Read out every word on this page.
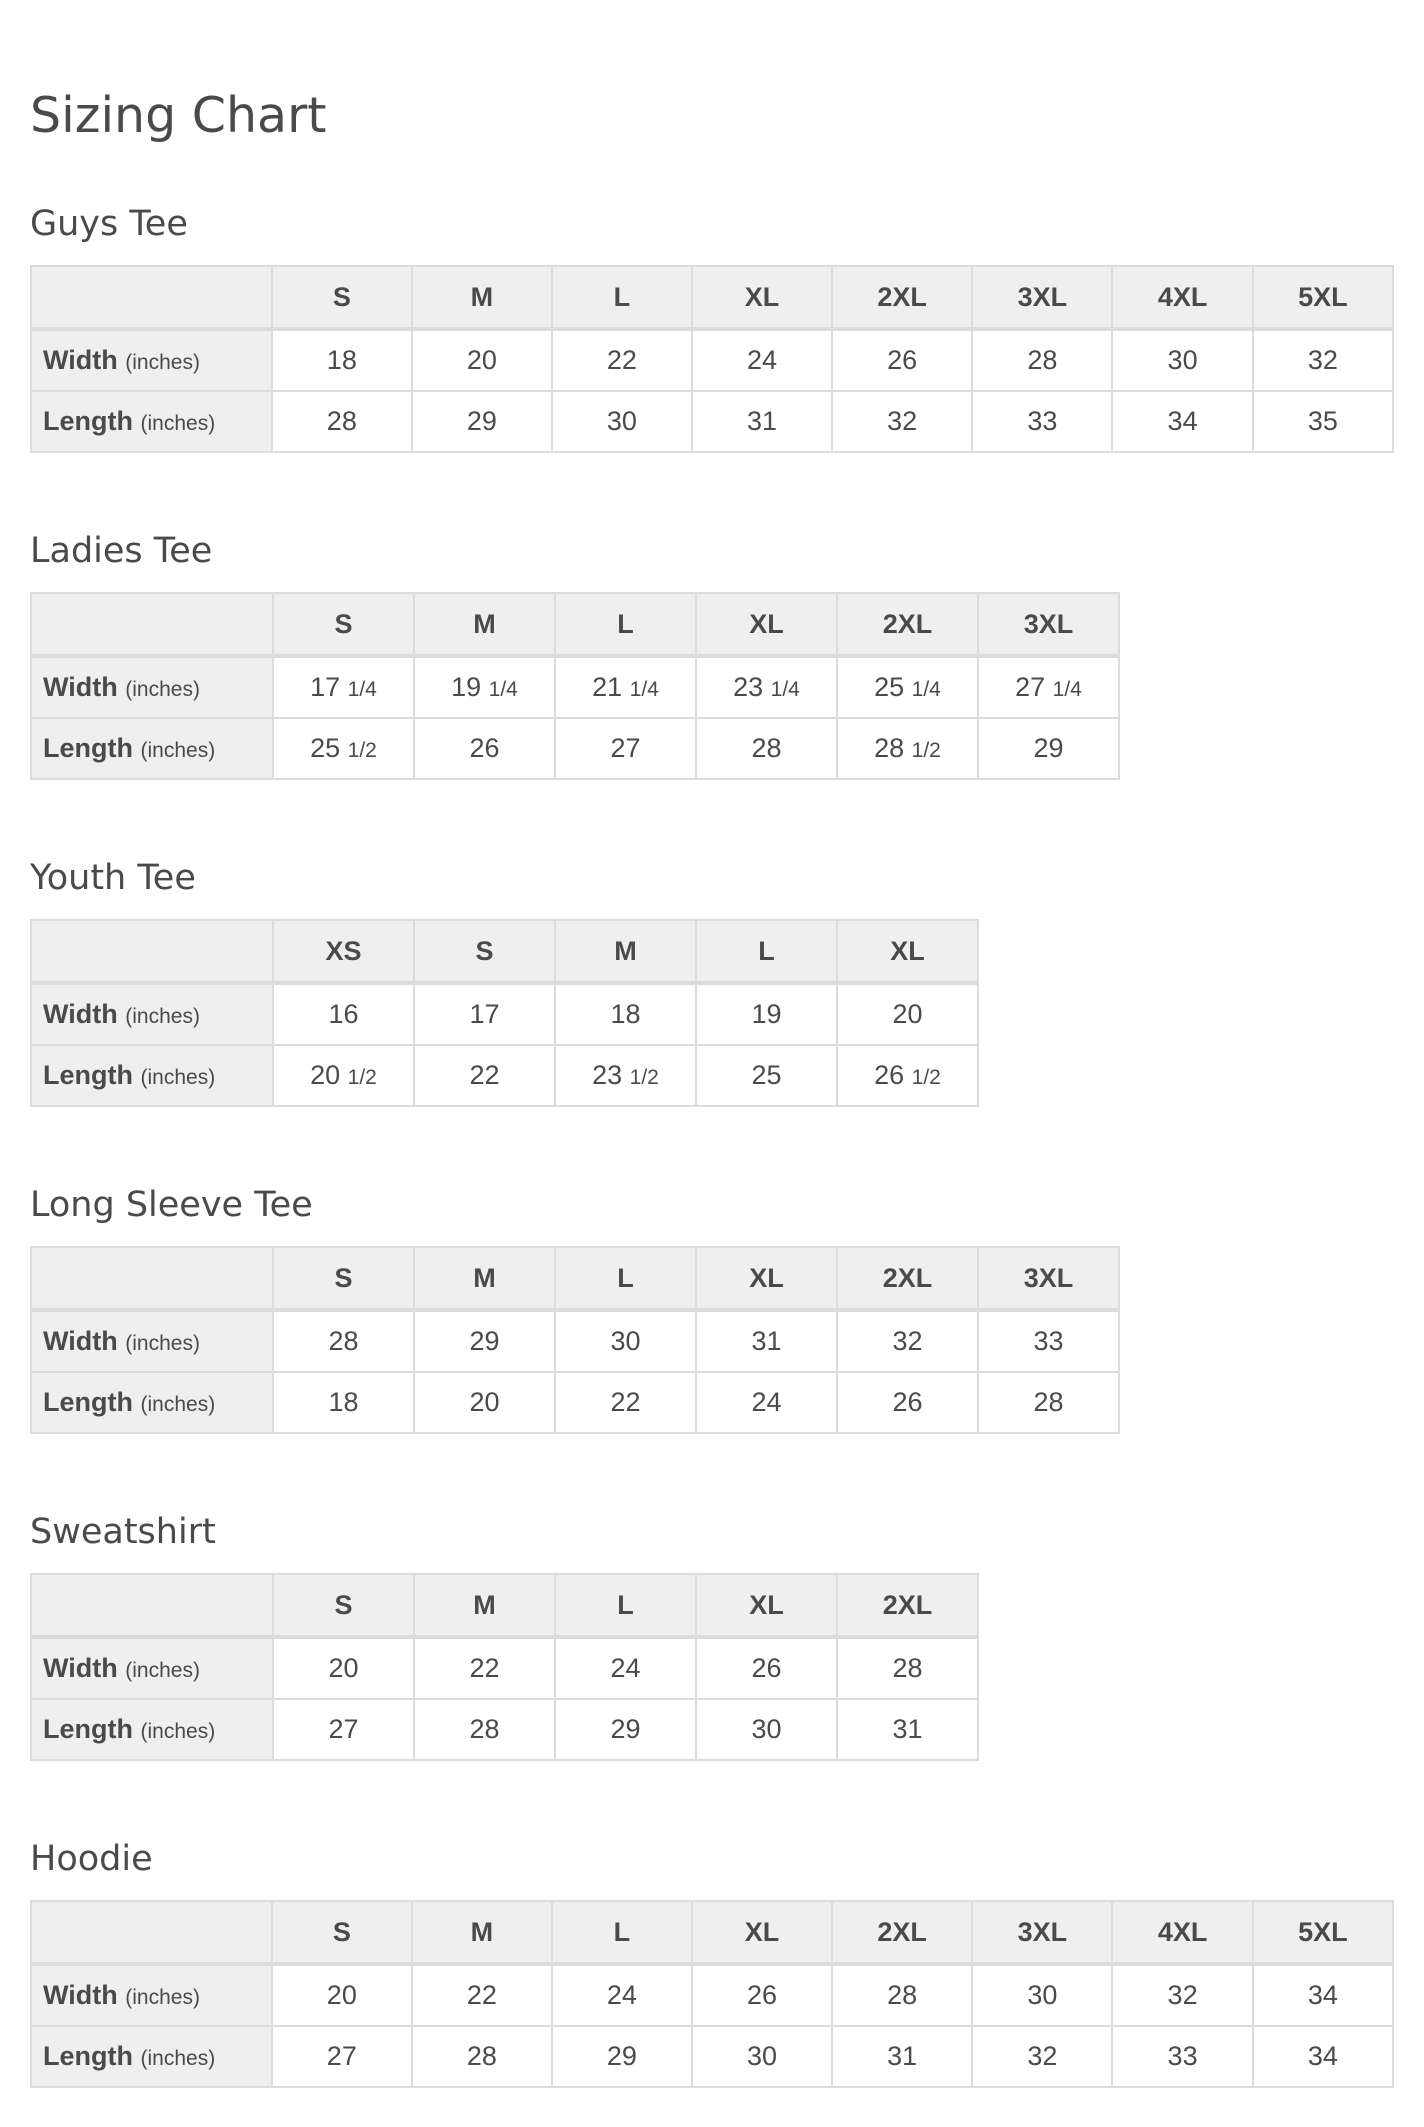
Sizing Chart
Guys Tee
	S	M	L	XL	2XL	3XL	4XL	5XL
Width (inches)	18	20	22	24	26	28	30	32
Length (inches)	28	29	30	31	32	33	34	35
Ladies Tee
	S	M	L	XL	2XL	3XL
Width (inches)	17 1/4	19 1/4	21 1/4	23 1/4	25 1/4	27 1/4
Length (inches)	25 1/2	26	27	28	28 1/2	29
Youth Tee
	XS	S	M	L	XL
Width (inches)	16	17	18	19	20
Length (inches)	20 1/2	22	23 1/2	25	26 1/2
Long Sleeve Tee
	S	M	L	XL	2XL	3XL
Width (inches)	28	29	30	31	32	33
Length (inches)	18	20	22	24	26	28
Sweatshirt
	S	M	L	XL	2XL
Width (inches)	20	22	24	26	28
Length (inches)	27	28	29	30	31
Hoodie
	S	M	L	XL	2XL	3XL	4XL	5XL
Width (inches)	20	22	24	26	28	30	32	34
Length (inches)	27	28	29	30	31	32	33	34
